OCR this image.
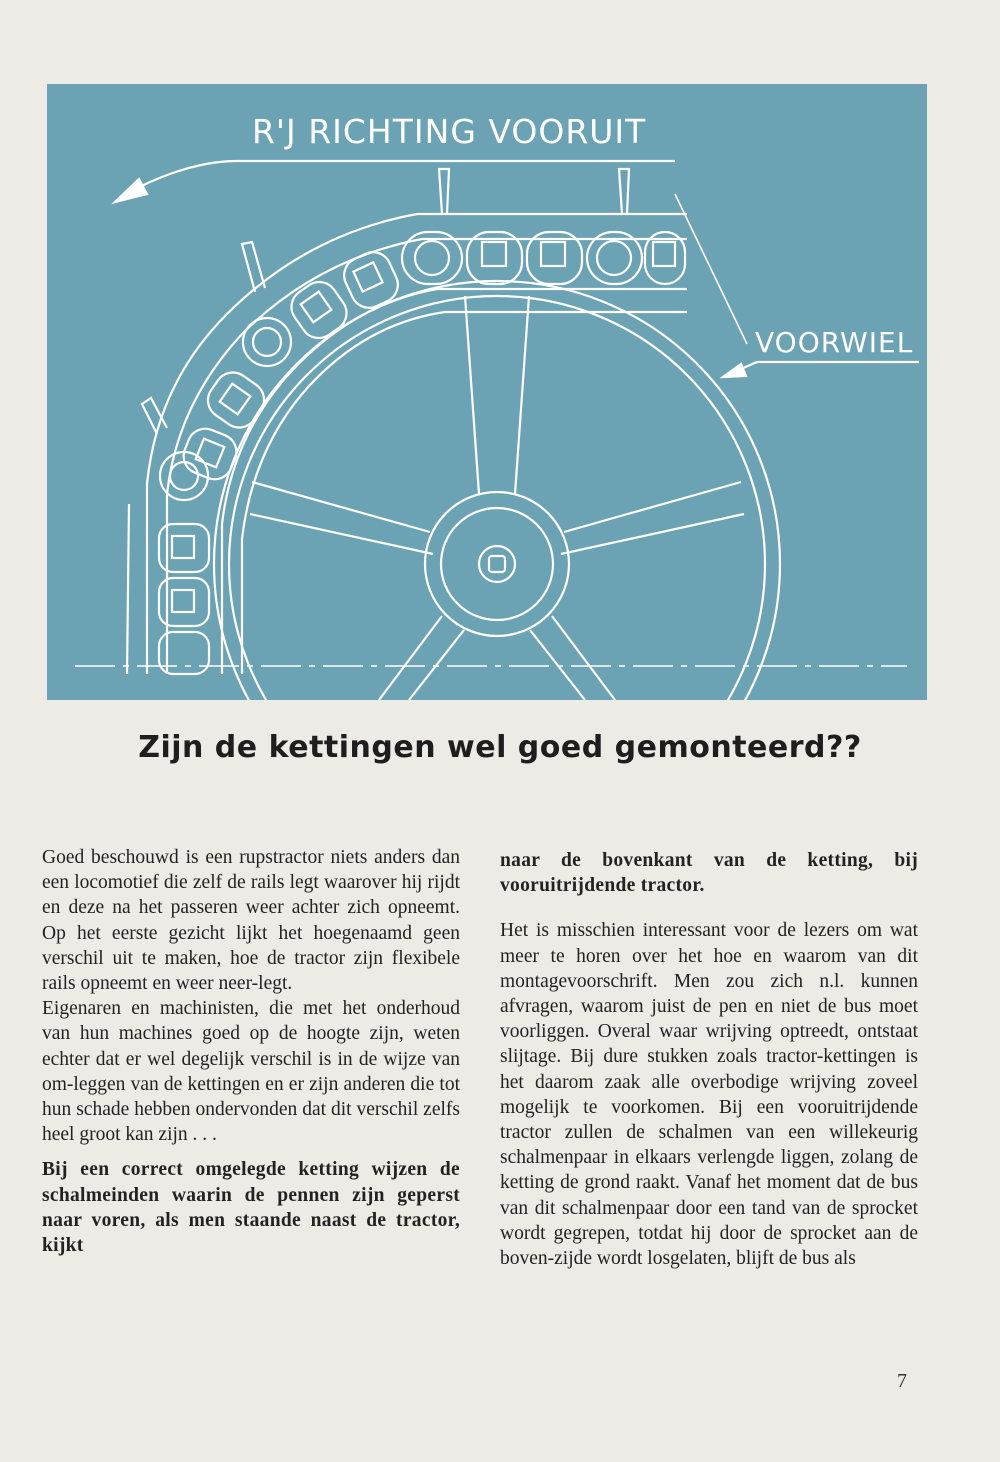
R'J RICHTING VOORUIT
VOORWIEL
Zijn de kettingen wel goed gemonteerd??

Goed beschouwd is een rupstractor niets anders dan een locomotief die zelf de rails legt waarover hij rijdt en deze na het passeren weer achter zich opneemt. Op het eerste gezicht lijkt het hoegenaamd geen verschil uit te maken, hoe de tractor zijn flexibele rails opneemt en weer neer-legt.

Eigenaren en machinisten, die met het onderhoud van hun machines goed op de hoogte zijn, weten echter dat er wel degelijk verschil is in de wijze van om-leggen van de kettingen en er zijn anderen die tot hun schade hebben ondervonden dat dit verschil zelfs heel groot kan zijn . . .

Bij een correct omgelegde ketting wijzen de schalmeinden waarin de pennen zijn geperst naar voren, als men staande naast de tractor, kijkt

naar de bovenkant van de ketting, bij vooruitrijdende tractor.

Het is misschien interessant voor de lezers om wat meer te horen over het hoe en waarom van dit montagevoorschrift. Men zou zich n.l. kunnen afvragen, waarom juist de pen en niet de bus moet voorliggen. Overal waar wrijving optreedt, ontstaat slijtage. Bij dure stukken zoals tractor-kettingen is het daarom zaak alle overbodige wrijving zoveel mogelijk te voorkomen. Bij een vooruitrijdende tractor zullen de schalmen van een willekeurig schalmenpaar in elkaars verlengde liggen, zolang de ketting de grond raakt. Vanaf het moment dat de bus van dit schalmenpaar door een tand van de sprocket wordt gegrepen, totdat hij door de sprocket aan de boven-zijde wordt losgelaten, blijft de bus als

7
